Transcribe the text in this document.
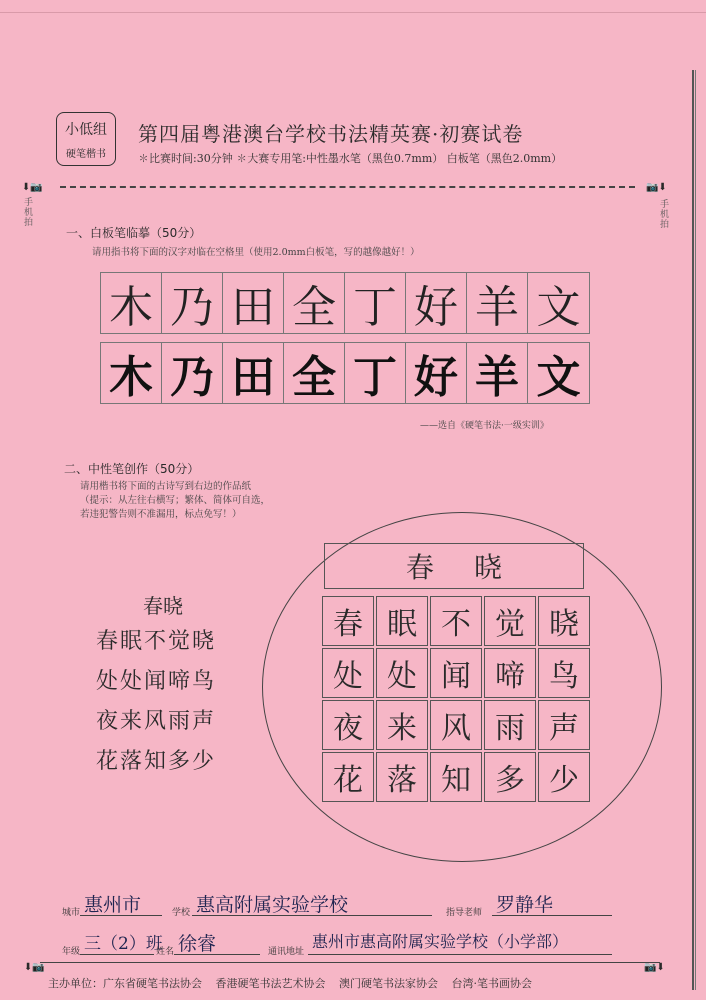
小低组
硬笔楷书
第四届粤港澳台学校书法精英赛·初赛试卷
✽比赛时间:30分钟 ✽大赛专用笔:中性墨水笔（黑色0.7mm） 白板笔（黑色2.0mm）
⬇📷	📷⬇
手机拍
手机拍
一、白板笔临摹（50分）
请用指书将下面的汉字对临在空格里（使用2.0mm白板笔，写的越像越好！）
木 乃 田 全 丁 好 羊 文
木 乃 田 全 丁 好 羊 文
——选自《硬笔书法·一级实训》
二、中性笔创作（50分）
请用楷书将下面的古诗写到右边的作品纸
（提示：从左往右横写；繁体、简体可自选，
若违犯警告则不准漏用，标点免写！）
春晓
春眠不觉晓
处处闻啼鸟
夜来风雨声
花落知多少
春晓
春 眠 不 觉 晓
处 处 闻 啼 鸟
夜 来 风 雨 声
花 落 知 多 少
城市 惠州市	学校 惠高附属实验学校	指导老师 罗静华
年级 三（2）班
姓名 徐睿	通讯地址
惠州市惠高附属实验学校（小学部）
⬇📷	📷⬇
主办单位：广东省硬笔书法协会 香港硬笔书法艺术协会 澳门硬笔书法家协会 台湾·笔书画协会
